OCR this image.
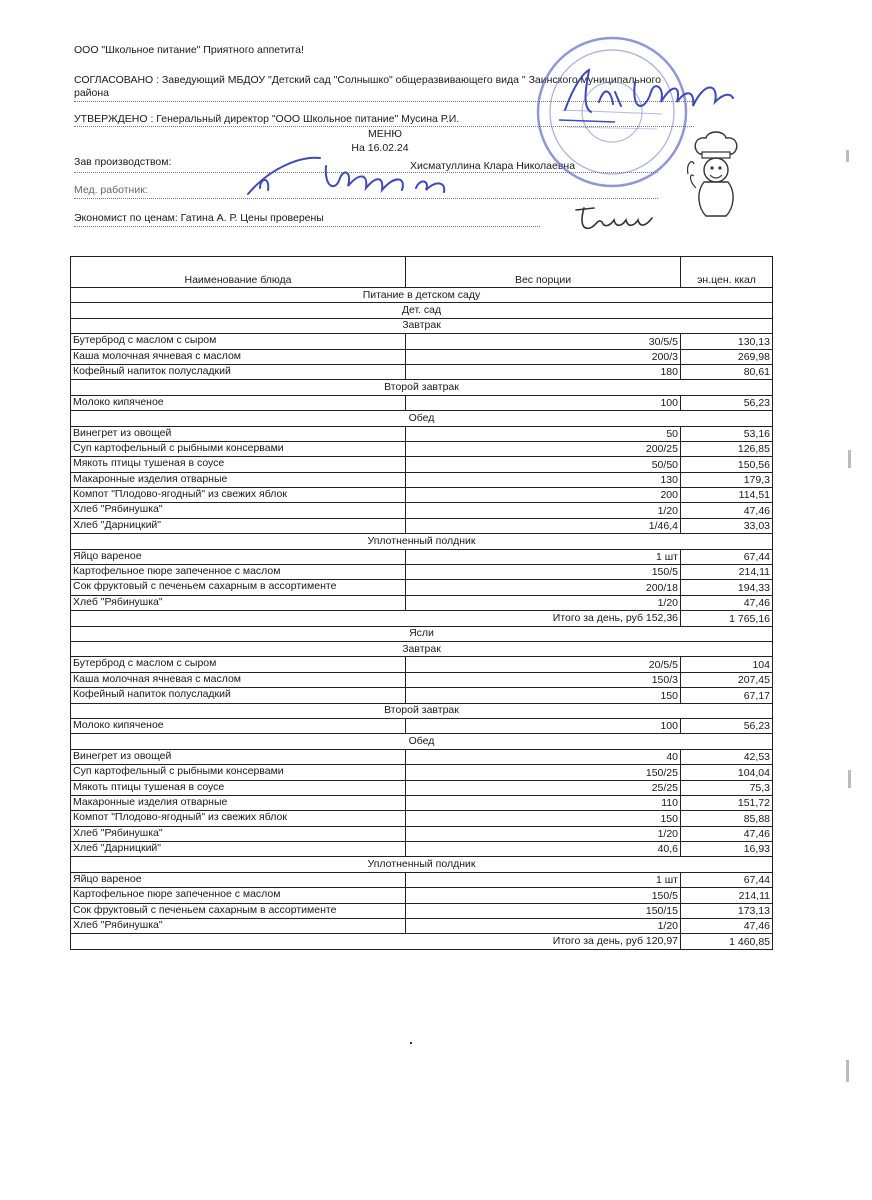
ООО "Школьное питание" Приятного аппетита!
СОГЛАСОВАНО : Заведующий МБДОУ "Детский сад "Солнышко" общеразвивающего вида " Заинского муниципального района
УТВЕРЖДЕНО : Генеральный директор "ООО Школьное питание" Мусина Р.И.
МЕНЮ
На 16.02.24
Зав производством:	Хисматуллина Клара Николаевна
Мед. работник:
Экономист по ценам: Гатина А. Р. Цены проверены
Наименование блюда	Вес порции	эн.цен. ккал
Питание в детском саду		
Дет. сад		
Завтрак		
Бутерброд с маслом с сыром	30/5/5	130,13
Каша молочная ячневая с маслом	200/3	269,98
Кофейный напиток полусладкий	180	80,61
Второй завтрак		
Молоко кипяченое	100	56,23
Обед		
Винегрет из овощей	50	53,16
Суп картофельный с рыбными консервами	200/25	126,85
Мякоть птицы тушеная в соусе	50/50	150,56
Макаронные изделия отварные	130	179,3
Компот "Плодово-ягодный" из свежих яблок	200	114,51
Хлеб "Рябинушка"	1/20	47,46
Хлеб "Дарницкий"	1/46,4	33,03
Уплотненный полдник		
Яйцо вареное	1 шт	67,44
Картофельное пюре запеченное с маслом	150/5	214,11
Сок фруктовый с печеньем сахарным в ассортименте	200/18	194,33
Хлеб "Рябинушка"	1/20	47,46
Итого за день, руб 152,36		1 765,16
Ясли		
Завтрак		
Бутерброд с маслом с сыром	20/5/5	104
Каша молочная ячневая с маслом	150/3	207,45
Кофейный напиток полусладкий	150	67,17
Второй завтрак		
Молоко кипяченое	100	56,23
Обед		
Винегрет из овощей	40	42,53
Суп картофельный с рыбными консервами	150/25	104,04
Мякоть птицы тушеная в соусе	25/25	75,3
Макаронные изделия отварные	110	151,72
Компот "Плодово-ягодный" из свежих яблок	150	85,88
Хлеб "Рябинушка"	1/20	47,46
Хлеб "Дарницкий"	40,6	16,93
Уплотненный полдник		
Яйцо вареное	1 шт	67,44
Картофельное пюре запеченное с маслом	150/5	214,11
Сок фруктовый с печеньем сахарным в ассортименте	150/15	173,13
Хлеб "Рябинушка"	1/20	47,46
Итого за день, руб 120,97		1 460,85
